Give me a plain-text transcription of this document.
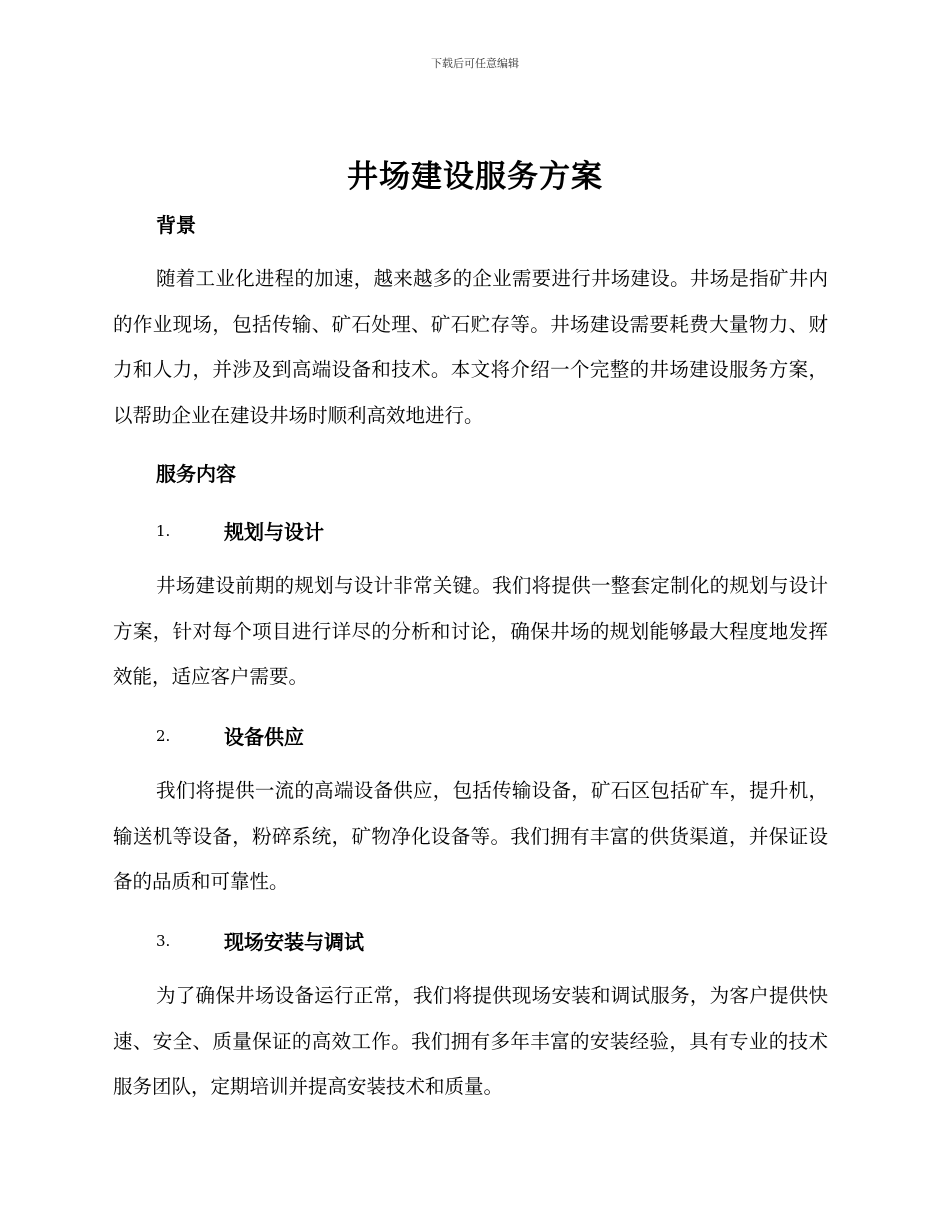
下载后可任意编辑
井场建设服务方案
背景

随着工业化进程的加速，越来越多的企业需要进行井场建设。井场是指矿井内的作业现场，包括传输、矿石处理、矿石贮存等。井场建设需要耗费大量物力、财力和人力，并涉及到高端设备和技术。本文将介绍一个完整的井场建设服务方案，以帮助企业在建设井场时顺利高效地进行。

服务内容
1.	规划与设计

井场建设前期的规划与设计非常关键。我们将提供一整套定制化的规划与设计方案，针对每个项目进行详尽的分析和讨论，确保井场的规划能够最大程度地发挥效能，适应客户需要。

2.	设备供应

我们将提供一流的高端设备供应，包括传输设备，矿石区包括矿车，提升机，输送机等设备，粉碎系统，矿物净化设备等。我们拥有丰富的供货渠道，并保证设备的品质和可靠性。

3.	现场安装与调试

为了确保井场设备运行正常，我们将提供现场安装和调试服务，为客户提供快速、安全、质量保证的高效工作。我们拥有多年丰富的安装经验，具有专业的技术服务团队，定期培训并提高安装技术和质量。
